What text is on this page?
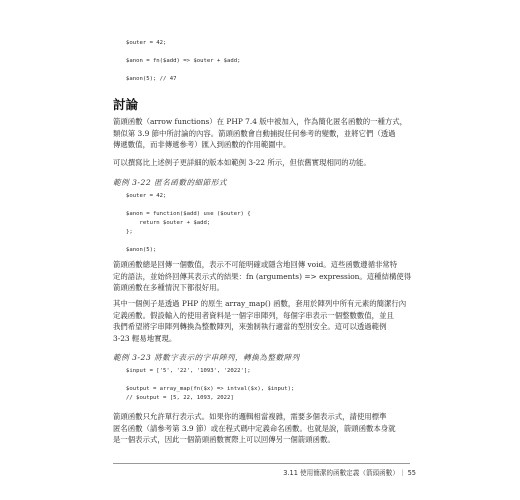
$outer = 42;

$anon = fn($add) => $outer + $add;

$anon(5); // 47
討論
箭頭函數（arrow functions）在 PHP 7.4 版中被加入，作為簡化匿名函數的一種方式，
類似第 3.9 節中所討論的內容。箭頭函數會自動捕捉任何參考的變數，並將它們（透過
傳遞數值，而非傳遞參考）匯入到函數的作用範圍中。
可以撰寫比上述例子更詳細的版本如範例 3-22 所示，但依舊實現相同的功能。
範例 3-22 匿名函數的細節形式
$outer = 42;

$anon = function($add) use ($outer) {
return $outer + $add;
};

$anon(5);
箭頭函數總是回傳一個數值，表示不可能明確或隱含地回傳 void。這些函數遵循非常特
定的語法，並始終回傳其表示式的結果：fn (arguments) => expression。這種結構使得
箭頭函數在多種情況下都很好用。
其中一個例子是透過 PHP 的原生 array_map() 函數，套用於陣列中所有元素的簡潔行內
定義函數。假設輸入的使用者資料是一個字串陣列，每個字串表示一個整數數值，並且
我們希望將字串陣列轉換為整數陣列，來強制執行適當的型別安全。這可以透過範例
3-23 輕易地實現。
範例 3-23 將數字表示的字串陣列，轉換為整數陣列
$input = ['5', '22', '1093', '2022'];

$output = array_map(fn($x) => intval($x), $input);
// $output = [5, 22, 1093, 2022]
箭頭函數只允許單行表示式。如果你的邏輯相當複雜，需要多個表示式，請使用標準
匿名函數（請參考第 3.9 節）或在程式碼中定義命名函數。也就是說，箭頭函數本身就
是一個表示式，因此一個箭頭函數實際上可以回傳另一個箭頭函數。
3.11 使用簡潔的函數定義（箭頭函數）｜ 55
